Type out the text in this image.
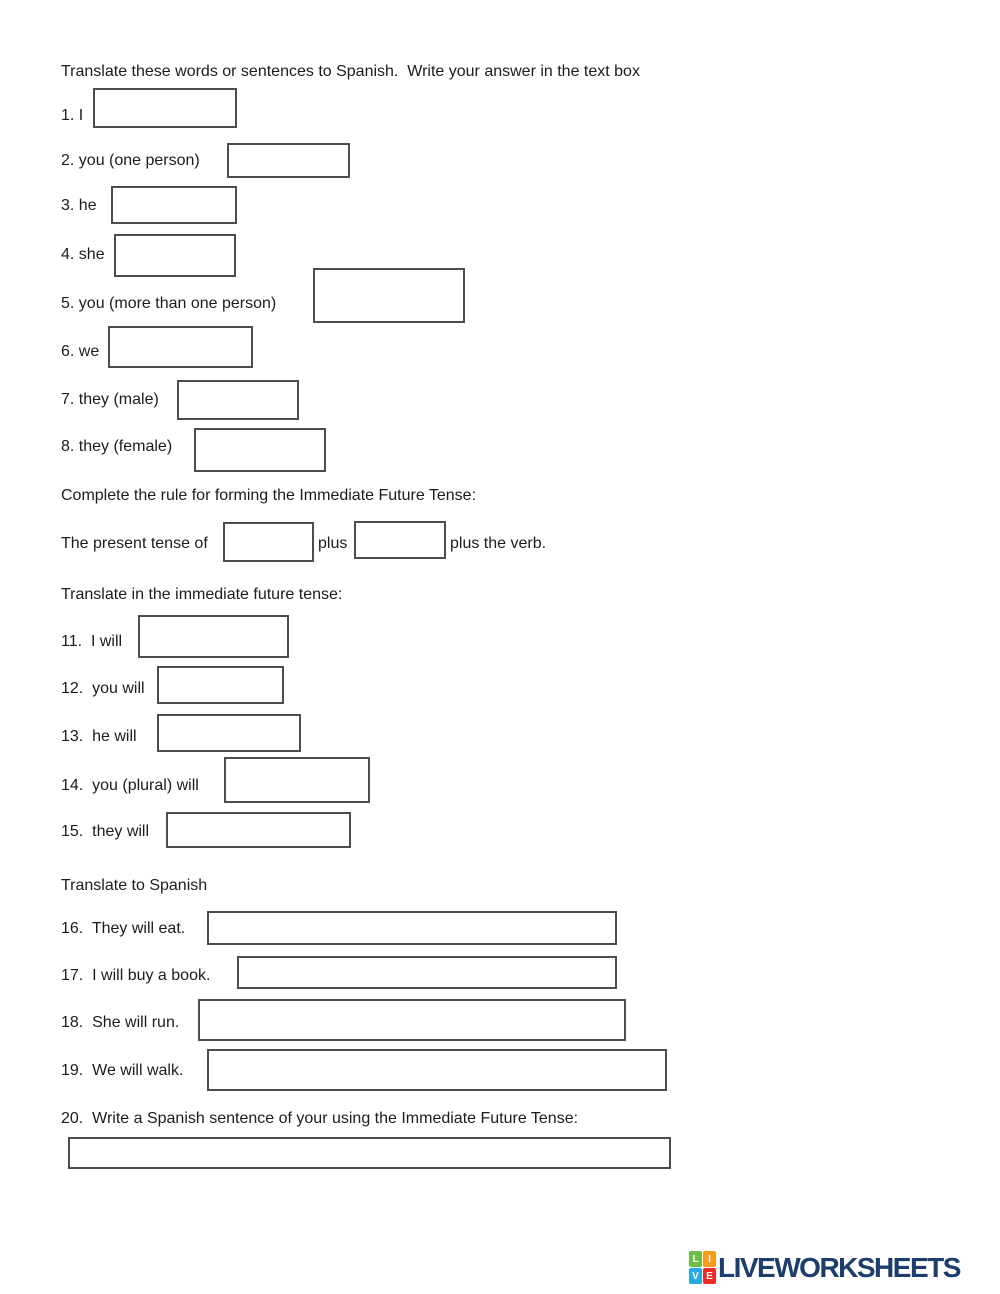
Translate these words or sentences to Spanish.  Write your answer in the text box
1. I
2. you (one person)
3. he
4. she
5. you (more than one person)
6. we
7. they (male)
8. they (female)
Complete the rule for forming the Immediate Future Tense:
The present tense of	plus	plus the verb.
Translate in the immediate future tense:
11.  I will
12.  you will
13.  he will
14.  you (plural) will
15.  they will
Translate to Spanish
16.  They will eat.
17.  I will buy a book.
18.  She will run.
19.  We will walk.
20.  Write a Spanish sentence of your using the Immediate Future Tense:
L I
V E LIVEWORKSHEETS
